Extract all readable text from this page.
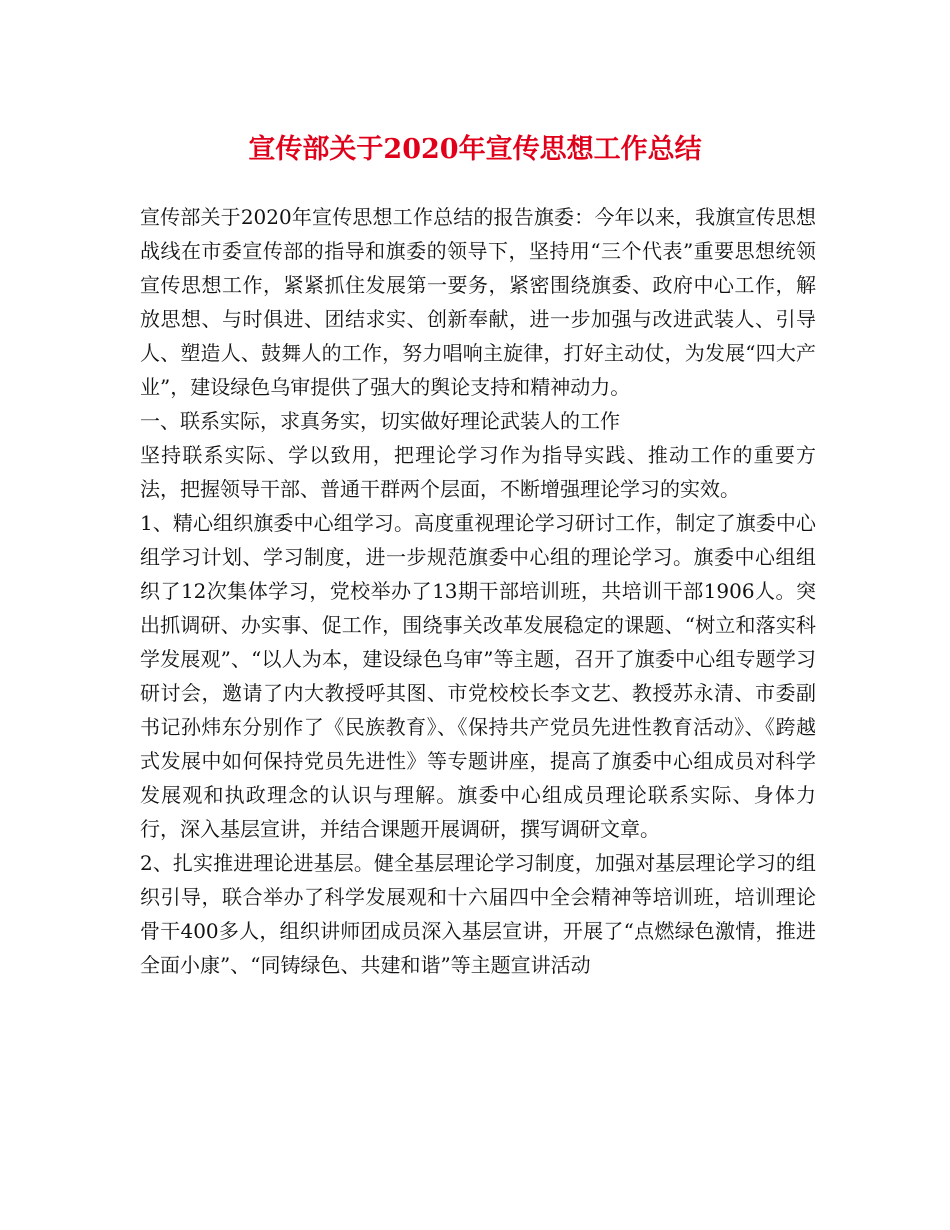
宣传部关于2020年宣传思想工作总结

宣传部关于2020年宣传思想工作总结的报告旗委：今年以来，我旗宣传思想战线在市委宣传部的指导和旗委的领导下，坚持用“三个代表”重要思想统领宣传思想工作，紧紧抓住发展第一要务，紧密围绕旗委、政府中心工作，解放思想、与时俱进、团结求实、创新奉献，进一步加强与改进武装人、引导人、塑造人、鼓舞人的工作，努力唱响主旋律，打好主动仗，为发展“四大产业”，建设绿色乌审提供了强大的舆论支持和精神动力。

一、联系实际，求真务实，切实做好理论武装人的工作

坚持联系实际、学以致用，把理论学习作为指导实践、推动工作的重要方法，把握领导干部、普通干群两个层面，不断增强理论学习的实效。

1、精心组织旗委中心组学习。高度重视理论学习研讨工作，制定了旗委中心组学习计划、学习制度，进一步规范旗委中心组的理论学习。旗委中心组组织了12次集体学习，党校举办了13期干部培训班，共培训干部1906人。突出抓调研、办实事、促工作，围绕事关改革发展稳定的课题、“树立和落实科学发展观”、“以人为本，建设绿色乌审”等主题，召开了旗委中心组专题学习研讨会，邀请了内大教授呼其图、市党校校长李文艺、教授苏永清、市委副书记孙炜东分别作了《民族教育》、《保持共产党员先进性教育活动》、《跨越式发展中如何保持党员先进性》等专题讲座，提高了旗委中心组成员对科学发展观和执政理念的认识与理解。旗委中心组成员理论联系实际、身体力行，深入基层宣讲，并结合课题开展调研，撰写调研文章。

2、扎实推进理论进基层。健全基层理论学习制度，加强对基层理论学习的组织引导，联合举办了科学发展观和十六届四中全会精神等培训班，培训理论骨干400多人，组织讲师团成员深入基层宣讲，开展了“点燃绿色激情，推进全面小康”、“同铸绿色、共建和谐”等主题宣讲活动
